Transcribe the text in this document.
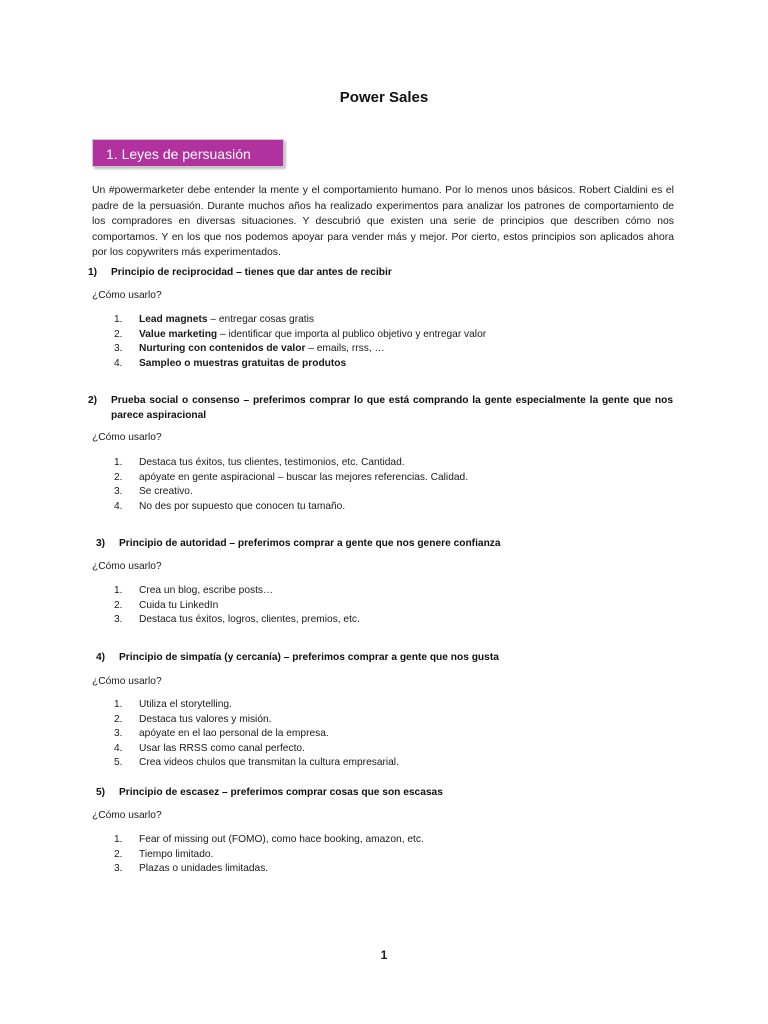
Power Sales
1. Leyes de persuasión
Un #powermarketer debe entender la mente y el comportamiento humano. Por lo menos unos básicos. Robert Cialdini es el padre de la persuasión. Durante muchos años ha realizado experimentos para analizar los patrones de comportamiento de los compradores en diversas situaciones. Y descubrió que existen una serie de principios que describen cómo nos comportamos. Y en los que nos podemos apoyar para vender más y mejor. Por cierto, estos principios son aplicados ahora por los copywriters más experimentados.
1) Principio de reciprocidad – tienes que dar antes de recibir
¿Cómo usarlo?
1. Lead magnets – entregar cosas gratis
2. Value marketing – identificar que importa al publico objetivo y entregar valor
3. Nurturing con contenidos de valor – emails, rrss, …
4. Sampleo o muestras gratuitas de produtos
2) Prueba social o consenso – preferimos comprar lo que está comprando la gente especialmente la gente que nos parece aspiracional
¿Cómo usarlo?
1. Destaca tus éxitos, tus clientes, testimonios, etc. Cantidad.
2. apóyate en gente aspiracional – buscar las mejores referencias. Calidad.
3. Se creativo.
4. No des por supuesto que conocen tu tamaño.
3) Principio de autoridad – preferimos comprar a gente que nos genere confianza
¿Cómo usarlo?
1. Crea un blog, escribe posts…
2. Cuida tu LinkedIn
3. Destaca tus éxitos, logros, clientes, premios, etc.
4) Principio de simpatía (y cercanía) – preferimos comprar a gente que nos gusta
¿Cómo usarlo?
1. Utiliza el storytelling.
2. Destaca tus valores y misión.
3. apóyate en el lao personal de la empresa.
4. Usar las RRSS como canal perfecto.
5. Crea videos chulos que transmitan la cultura empresarial.
5) Principio de escasez – preferimos comprar cosas que son escasas
¿Cómo usarlo?
1. Fear of missing out (FOMO), como hace booking, amazon, etc.
2. Tiempo limitado.
3. Plazas o unidades limitadas.
1
